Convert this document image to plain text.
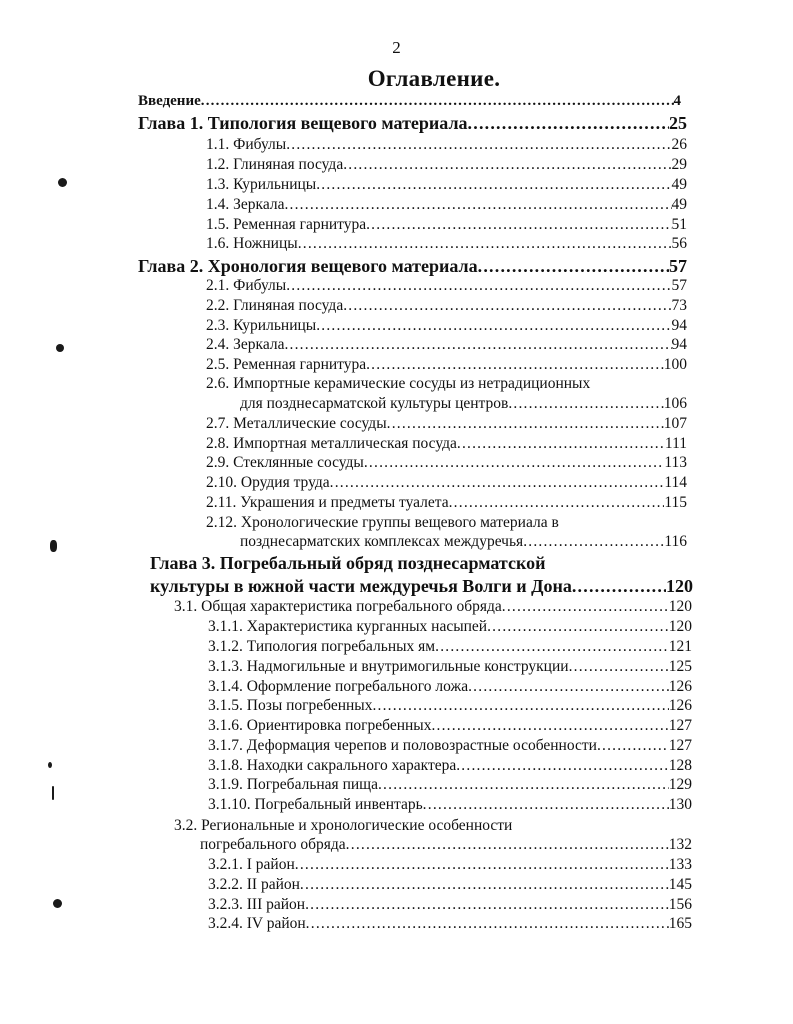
2
Оглавление.
Введение .....	4
Глава 1. Типология вещевого материала .....	25
1.1. Фибулы .....	26
1.2. Глиняная посуда .....	29
1.3. Курильницы .....	49
1.4. Зеркала .....	49
1.5. Ременная гарнитура .....	51
1.6. Ножницы .....	56
Глава 2. Хронология вещевого материала .....	57
2.1. Фибулы .....	57
2.2. Глиняная посуда .....	73
2.3. Курильницы .....	94
2.4. Зеркала .....	94
2.5. Ременная гарнитура .....	100
2.6. Импортные керамические сосуды из нетрадиционных
для позднесарматской культуры центров .....	106
2.7. Металлические сосуды .....	107
2.8. Импортная металлическая посуда .....	111
2.9. Стеклянные сосуды .....	113
2.10. Орудия труда .....	114
2.11. Украшения и предметы туалета .....	115
2.12. Хронологические группы вещевого материала в
позднесарматских комплексах междуречья .....	116
Глава 3. Погребальный обряд позднесарматской
культуры в южной части междуречья Волги и Дона .....	120
3.1. Общая характеристика погребального обряда .....	120
3.1.1. Характеристика курганных насыпей .....	120
3.1.2. Типология погребальных ям .....	121
3.1.3. Надмогильные и внутримогильные конструкции .....	125
3.1.4. Оформление погребального ложа .....	126
3.1.5. Позы погребенных .....	126
3.1.6. Ориентировка погребенных .....	127
3.1.7. Деформация черепов и половозрастные особенности .....	127
3.1.8. Находки сакрального характера .....	128
3.1.9. Погребальная пища .....	129
3.1.10. Погребальный инвентарь .....	130
3.2. Региональные и хронологические особенности
погребального обряда .....	132
3.2.1. I район .....	133
3.2.2. II район .....	145
3.2.3. III район .....	156
3.2.4. IV район .....	165
